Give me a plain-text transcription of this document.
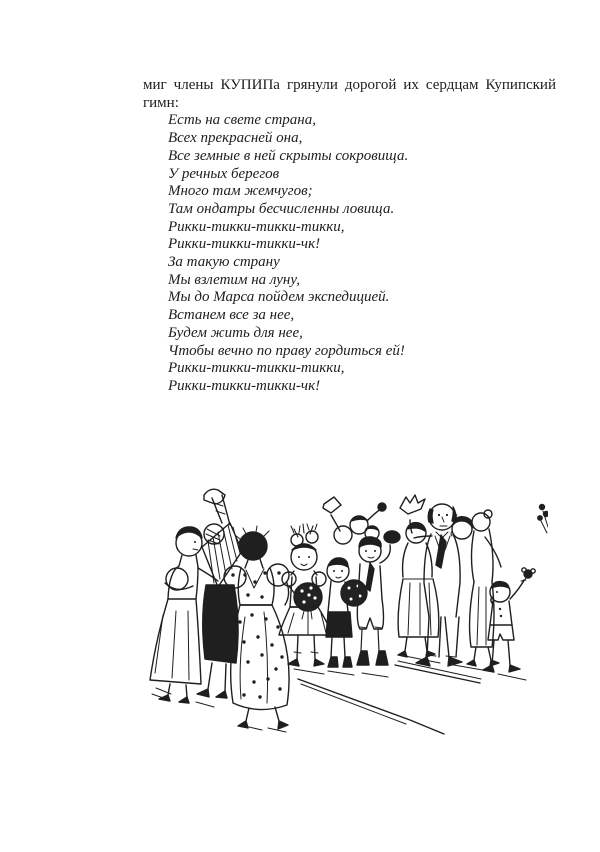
миг члены КУПИПа грянули дорогой их сердцам Купипский
гимн:
Есть на свете страна,
Всех прекрасней она,
Все земные в ней скрыты сокровища.
У речных берегов
Много там жемчугов;
Там ондатры бесчисленны ловища.
Рикки-тикки-тикки-тикки,
Рикки-тикки-тикки-чк!
За такую страну
Мы взлетим на луну,
Мы до Марса пойдем экспедицией.
Встанем все за нее,
Будем жить для нее,
Чтобы вечно по праву гордиться ей!
Рикки-тикки-тикки-тикки,
Рикки-тикки-тикки-чк!
